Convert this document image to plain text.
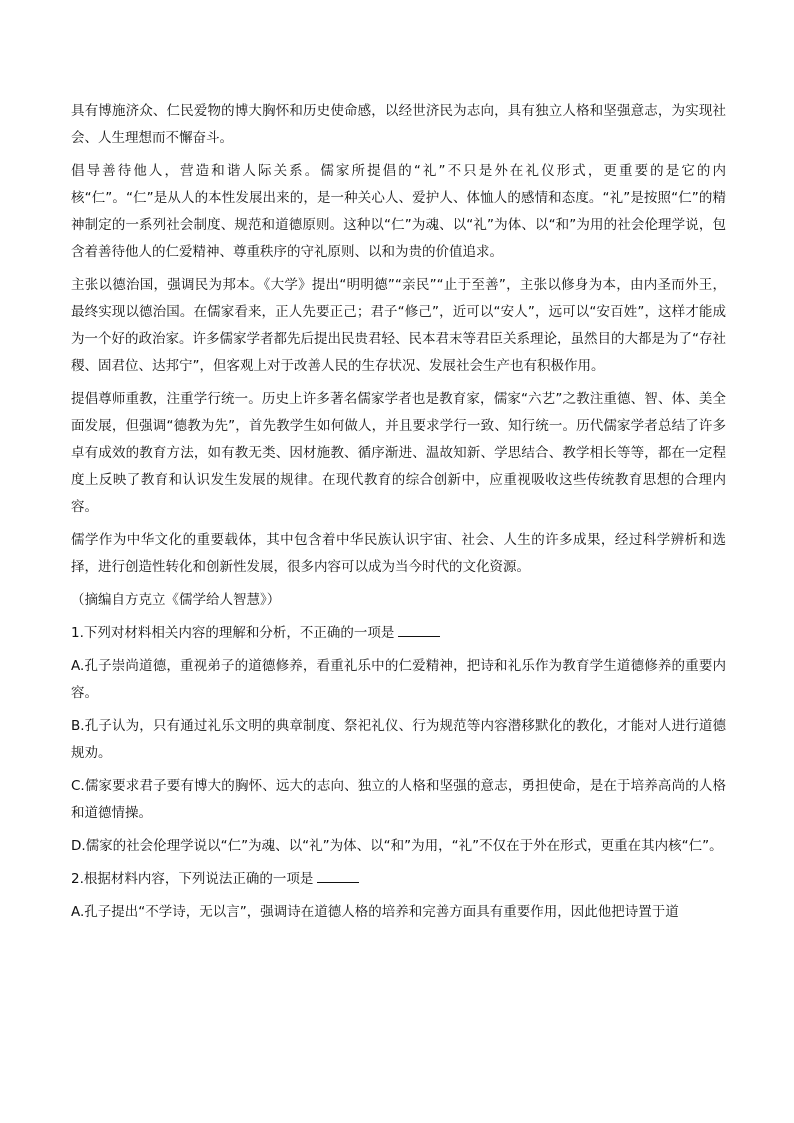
具有博施济众、仁民爱物的博大胸怀和历史使命感，以经世济民为志向，具有独立人格和坚强意志，为实现社会、人生理想而不懈奋斗。

倡导善待他人，营造和谐人际关系。儒家所提倡的“礼”不只是外在礼仪形式，更重要的是它的内核“仁”。“仁”是从人的本性发展出来的，是一种关心人、爱护人、体恤人的感情和态度。“礼”是按照“仁”的精神制定的一系列社会制度、规范和道德原则。这种以“仁”为魂、以“礼”为体、以“和”为用的社会伦理学说，包含着善待他人的仁爱精神、尊重秩序的守礼原则、以和为贵的价值追求。

主张以德治国，强调民为邦本。《大学》提出“明明德”“亲民”“止于至善”，主张以修身为本，由内圣而外王，最终实现以德治国。在儒家看来，正人先要正己；君子“修己”，近可以“安人”，远可以“安百姓”，这样才能成为一个好的政治家。许多儒家学者都先后提出民贵君轻、民本君末等君臣关系理论，虽然目的大都是为了“存社稷、固君位、达邦宁”，但客观上对于改善人民的生存状况、发展社会生产也有积极作用。

提倡尊师重教，注重学行统一。历史上许多著名儒家学者也是教育家，儒家“六艺”之教注重德、智、体、美全面发展，但强调“德教为先”，首先教学生如何做人，并且要求学行一致、知行统一。历代儒家学者总结了许多卓有成效的教育方法，如有教无类、因材施教、循序渐进、温故知新、学思结合、教学相长等等，都在一定程度上反映了教育和认识发生发展的规律。在现代教育的综合创新中，应重视吸收这些传统教育思想的合理内容。

儒学作为中华文化的重要载体，其中包含着中华民族认识宇宙、社会、人生的许多成果，经过科学辨析和选择，进行创造性转化和创新性发展，很多内容可以成为当今时代的文化资源。

（摘编自方克立《儒学给人智慧》）

1.下列对材料相关内容的理解和分析，不正确的一项是

A.孔子崇尚道德，重视弟子的道德修养，看重礼乐中的仁爱精神，把诗和礼乐作为教育学生道德修养的重要内容。

B.孔子认为，只有通过礼乐文明的典章制度、祭祀礼仪、行为规范等内容潜移默化的教化，才能对人进行道德规劝。

C.儒家要求君子要有博大的胸怀、远大的志向、独立的人格和坚强的意志，勇担使命，是在于培养高尚的人格和道德情操。

D.儒家的社会伦理学说以“仁”为魂、以“礼”为体、以“和”为用，“礼”不仅在于外在形式，更重在其内核“仁”。

2.根据材料内容，下列说法正确的一项是

A.孔子提出“不学诗，无以言”，强调诗在道德人格的培养和完善方面具有重要作用，因此他把诗置于道
